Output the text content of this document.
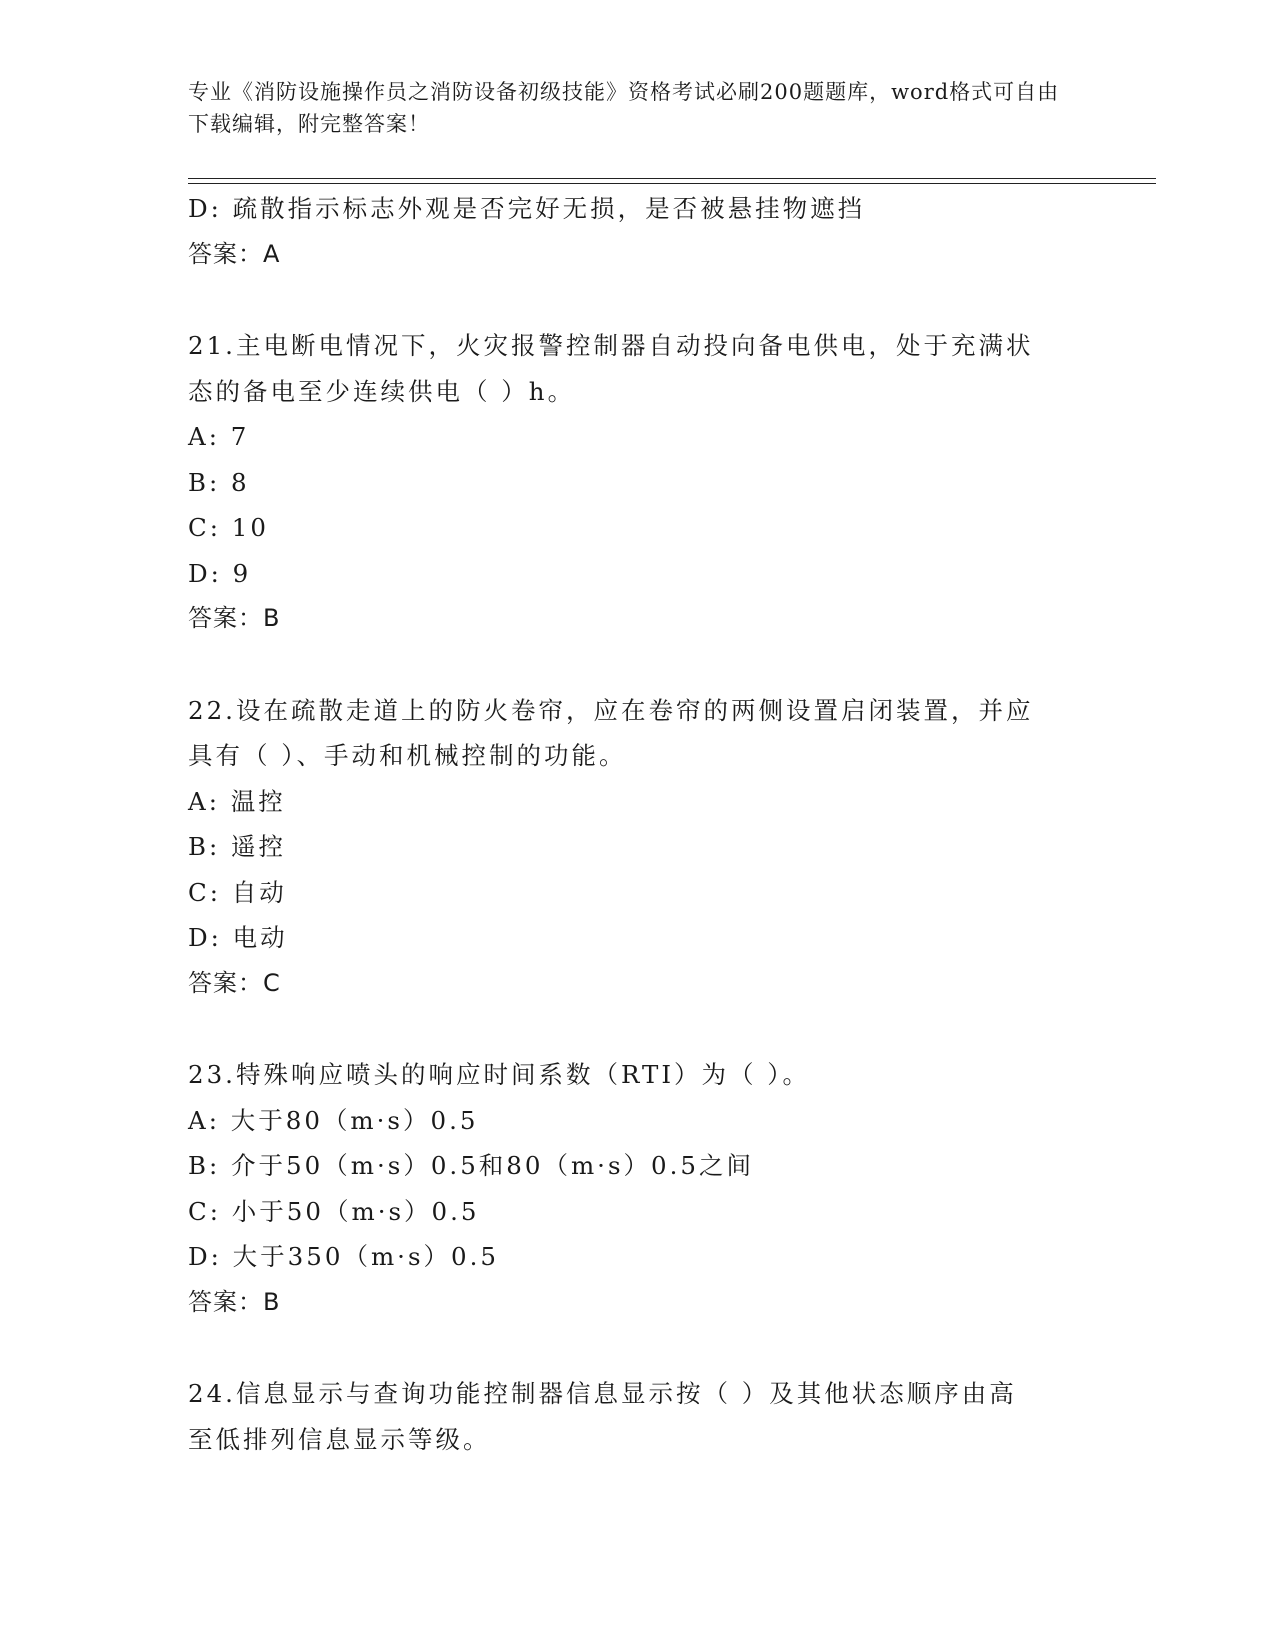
专业《消防设施操作员之消防设备初级技能》资格考试必刷200题题库，word格式可自由下载编辑，附完整答案！
D: 疏散指示标志外观是否完好无损，是否被悬挂物遮挡
答案：A
21.主电断电情况下，火灾报警控制器自动投向备电供电，处于充满状
态的备电至少连续供电（ ）h。
A: 7
B: 8
C: 10
D: 9
答案：B
22.设在疏散走道上的防火卷帘，应在卷帘的两侧设置启闭装置，并应
具有（ ）、手动和机械控制的功能。
A: 温控
B: 遥控
C: 自动
D: 电动
答案：C
23.特殊响应喷头的响应时间系数（RTI）为（ ）。
A: 大于80（m·s）0.5
B: 介于50（m·s）0.5和80（m·s）0.5之间
C: 小于50（m·s）0.5
D: 大于350（m·s）0.5
答案：B
24.信息显示与查询功能控制器信息显示按（ ）及其他状态顺序由高
至低排列信息显示等级。
